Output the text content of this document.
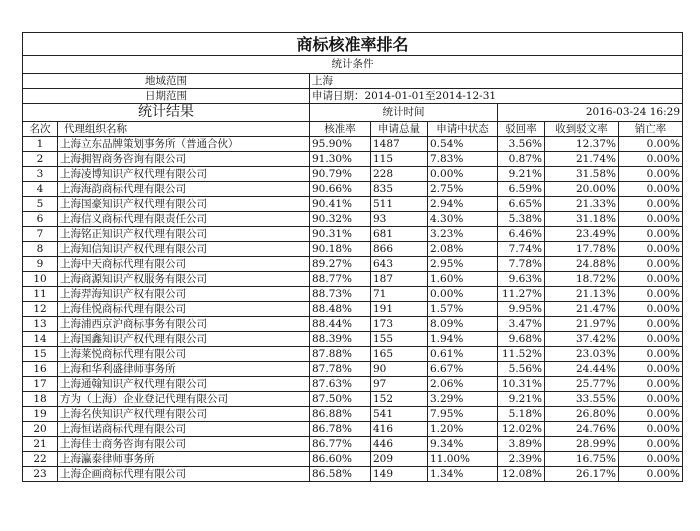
商标核准率排名							
统计条件							
地域范围		上海					
日期范围		申请日期：2014-01-01至2014-12-31					
统计结果		统计时间			2016-03-24 16:29		
名次	代理组织名称	核准率	申请总量	申请中状态	驳回率	收到驳文率	销亡率
1	上海立东品牌策划事务所（普通合伙）	95.90%	1487	0.54%	3.56%	12.37%	0.00%
2	上海拥智商务咨询有限公司	91.30%	115	7.83%	0.87%	21.74%	0.00%
3	上海凌博知识产权代理有限公司	90.79%	228	0.00%	9.21%	31.58%	0.00%
4	上海海韵商标代理有限公司	90.66%	835	2.75%	6.59%	20.00%	0.00%
5	上海国豪知识产权代理有限公司	90.41%	511	2.94%	6.65%	21.33%	0.00%
6	上海信义商标代理有限责任公司	90.32%	93	4.30%	5.38%	31.18%	0.00%
7	上海铭正知识产权代理有限公司	90.31%	681	3.23%	6.46%	23.49%	0.00%
8	上海知信知识产权代理有限公司	90.18%	866	2.08%	7.74%	17.78%	0.00%
9	上海中天商标代理有限公司	89.27%	643	2.95%	7.78%	24.88%	0.00%
10	上海商源知识产权服务有限公司	88.77%	187	1.60%	9.63%	18.72%	0.00%
11	上海羿海知识产权有限公司	88.73%	71	0.00%	11.27%	21.13%	0.00%
12	上海佳悦商标代理有限公司	88.48%	191	1.57%	9.95%	21.47%	0.00%
13	上海浦西京沪商标事务有限公司	88.44%	173	8.09%	3.47%	21.97%	0.00%
14	上海国鑫知识产权代理有限公司	88.39%	155	1.94%	9.68%	37.42%	0.00%
15	上海莱悦商标代理有限公司	87.88%	165	0.61%	11.52%	23.03%	0.00%
16	上海和华利盛律师事务所	87.78%	90	6.67%	5.56%	24.44%	0.00%
17	上海通翰知识产权代理有限公司	87.63%	97	2.06%	10.31%	25.77%	0.00%
18	方为（上海）企业登记代理有限公司	87.50%	152	3.29%	9.21%	33.55%	0.00%
19	上海名侠知识产权代理有限公司	86.88%	541	7.95%	5.18%	26.80%	0.00%
20	上海恒诺商标代理有限公司	86.78%	416	1.20%	12.02%	24.76%	0.00%
21	上海佳士商务咨询有限公司	86.77%	446	9.34%	3.89%	28.99%	0.00%
22	上海瀛泰律师事务所	86.60%	209	11.00%	2.39%	16.75%	0.00%
23	上海企画商标代理有限公司	86.58%	149	1.34%	12.08%	26.17%	0.00%
